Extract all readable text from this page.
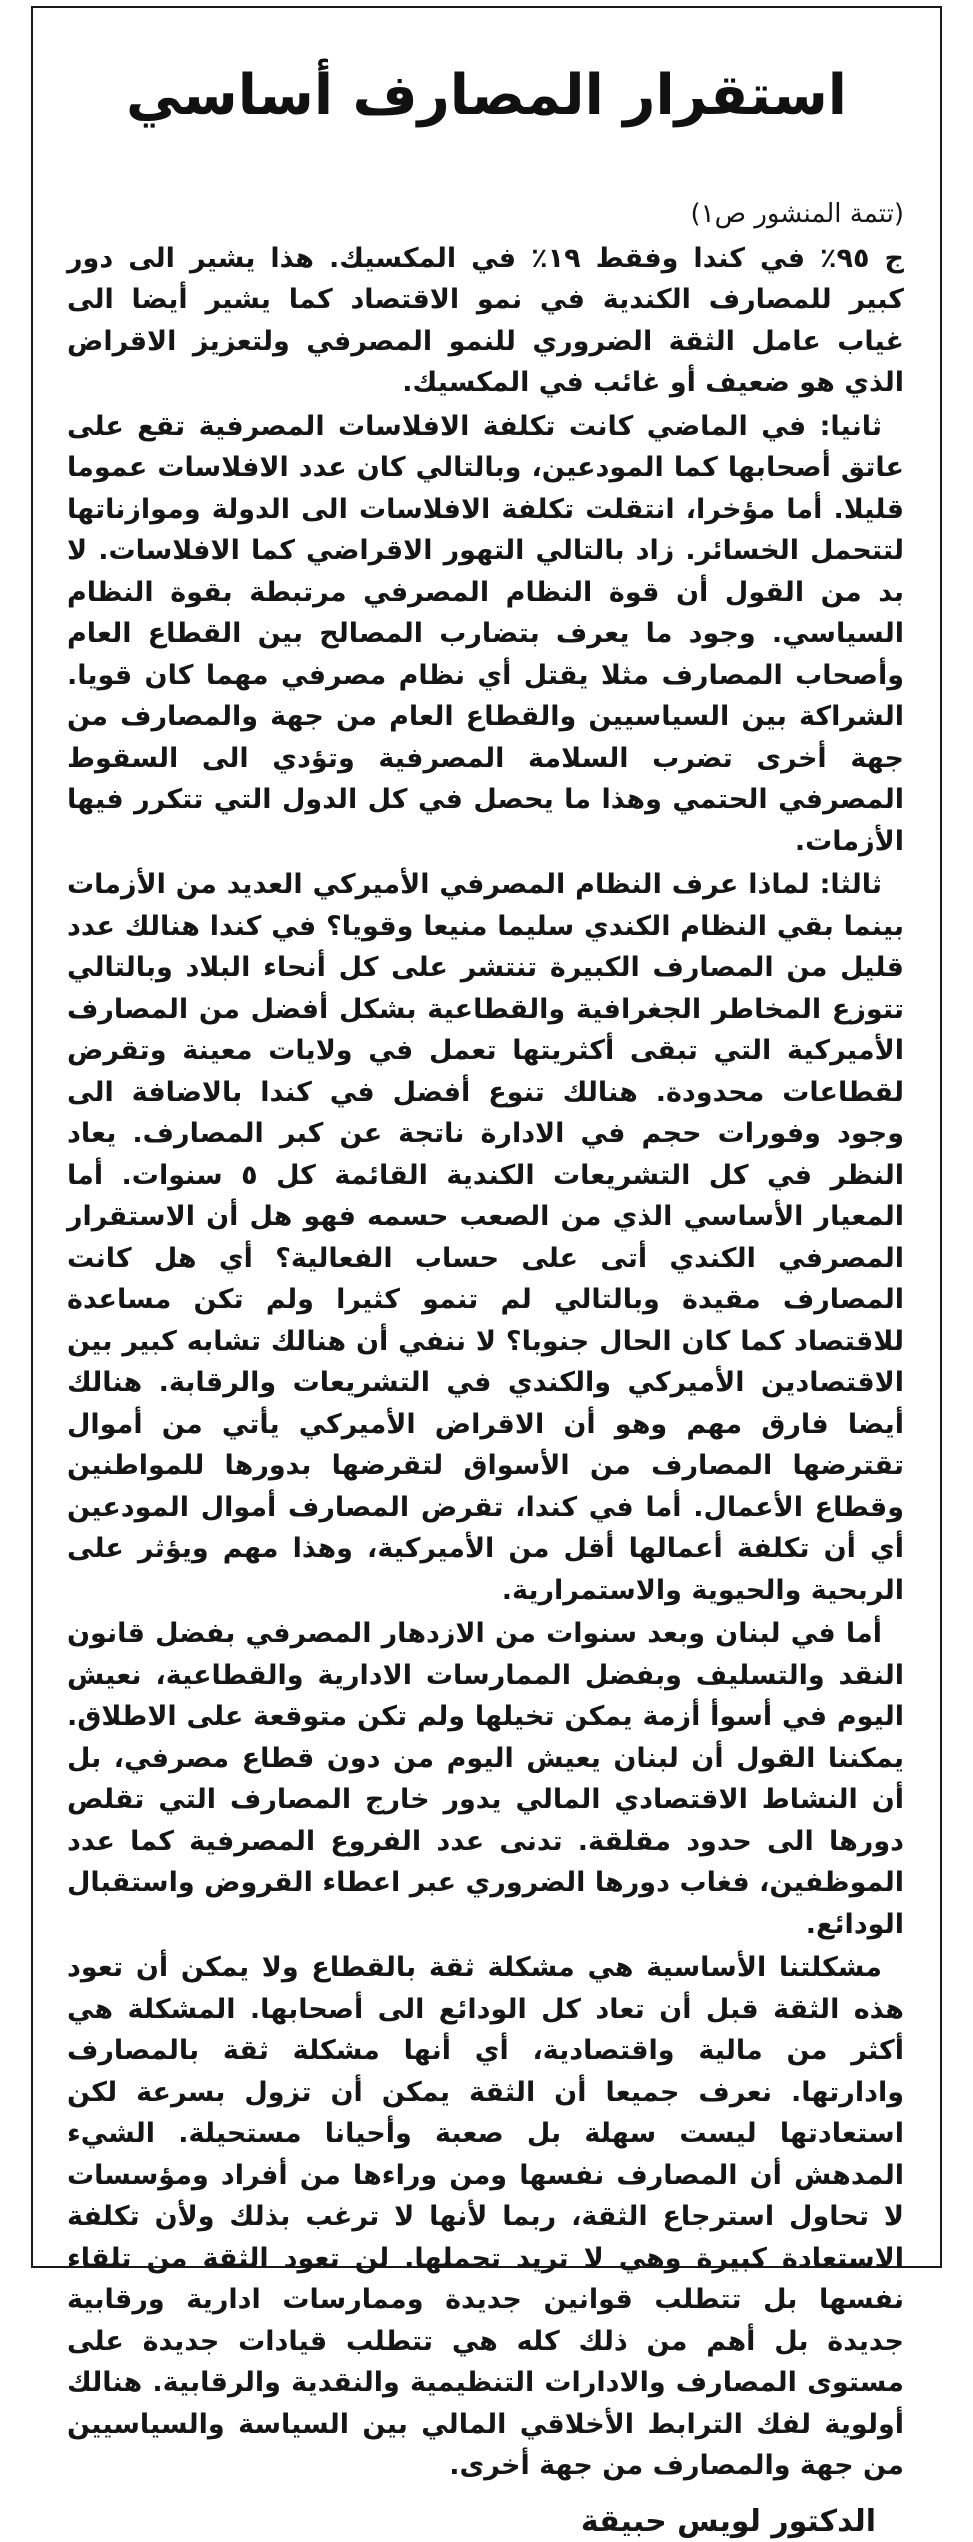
استقرار المصارف أساسي

(تتمة المنشور ص١)

ج ٩٥٪ في كندا وفقط ١٩٪ في المكسيك. هذا يشير الى دور كبير للمصارف الكندية في نمو الاقتصاد كما يشير أيضا الى غياب عامل الثقة الضروري للنمو المصرفي ولتعزيز الاقراض الذي هو ضعيف أو غائب في المكسيك.

ثانيا: في الماضي كانت تكلفة الافلاسات المصرفية تقع على عاتق أصحابها كما المودعين، وبالتالي كان عدد الافلاسات عموما قليلا. أما مؤخرا، انتقلت تكلفة الافلاسات الى الدولة وموازناتها لتتحمل الخسائر. زاد بالتالي التهور الاقراضي كما الافلاسات. لا بد من القول أن قوة النظام المصرفي مرتبطة بقوة النظام السياسي. وجود ما يعرف بتضارب المصالح بين القطاع العام وأصحاب المصارف مثلا يقتل أي نظام مصرفي مهما كان قويا. الشراكة بين السياسيين والقطاع العام من جهة والمصارف من جهة أخرى تضرب السلامة المصرفية وتؤدي الى السقوط المصرفي الحتمي وهذا ما يحصل في كل الدول التي تتكرر فيها الأزمات.

ثالثا: لماذا عرف النظام المصرفي الأميركي العديد من الأزمات بينما بقي النظام الكندي سليما منيعا وقويا؟ في كندا هنالك عدد قليل من المصارف الكبيرة تنتشر على كل أنحاء البلاد وبالتالي تتوزع المخاطر الجغرافية والقطاعية بشكل أفضل من المصارف الأميركية التي تبقى أكثريتها تعمل في ولايات معينة وتقرض لقطاعات محدودة. هنالك تنوع أفضل في كندا بالاضافة الى وجود وفورات حجم في الادارة ناتجة عن كبر المصارف. يعاد النظر في كل التشريعات الكندية القائمة كل ٥ سنوات. أما المعيار الأساسي الذي من الصعب حسمه فهو هل أن الاستقرار المصرفي الكندي أتى على حساب الفعالية؟ أي هل كانت المصارف مقيدة وبالتالي لم تنمو كثيرا ولم تكن مساعدة للاقتصاد كما كان الحال جنوبا؟ لا ننفي أن هنالك تشابه كبير بين الاقتصادين الأميركي والكندي في التشريعات والرقابة. هنالك أيضا فارق مهم وهو أن الاقراض الأميركي يأتي من أموال تقترضها المصارف من الأسواق لتقرضها بدورها للمواطنين وقطاع الأعمال. أما في كندا، تقرض المصارف أموال المودعين أي أن تكلفة أعمالها أقل من الأميركية، وهذا مهم ويؤثر على الربحية والحيوية والاستمرارية.

أما في لبنان وبعد سنوات من الازدهار المصرفي بفضل قانون النقد والتسليف وبفضل الممارسات الادارية والقطاعية، نعيش اليوم في أسوأ أزمة يمكن تخيلها ولم تكن متوقعة على الاطلاق. يمكننا القول أن لبنان يعيش اليوم من دون قطاع مصرفي، بل أن النشاط الاقتصادي المالي يدور خارج المصارف التي تقلص دورها الى حدود مقلقة. تدنى عدد الفروع المصرفية كما عدد الموظفين، فغاب دورها الضروري عبر اعطاء القروض واستقبال الودائع.

مشكلتنا الأساسية هي مشكلة ثقة بالقطاع ولا يمكن أن تعود هذه الثقة قبل أن تعاد كل الودائع الى أصحابها. المشكلة هي أكثر من مالية واقتصادية، أي أنها مشكلة ثقة بالمصارف وادارتها. نعرف جميعا أن الثقة يمكن أن تزول بسرعة لكن استعادتها ليست سهلة بل صعبة وأحيانا مستحيلة. الشيء المدهش أن المصارف نفسها ومن وراءها من أفراد ومؤسسات لا تحاول استرجاع الثقة، ربما لأنها لا ترغب بذلك ولأن تكلفة الاستعادة كبيرة وهي لا تريد تحملها. لن تعود الثقة من تلقاء نفسها بل تتطلب قوانين جديدة وممارسات ادارية ورقابية جديدة بل أهم من ذلك كله هي تتطلب قيادات جديدة على مستوى المصارف والادارات التنظيمية والنقدية والرقابية. هنالك أولوية لفك الترابط الأخلاقي المالي بين السياسة والسياسيين من جهة والمصارف من جهة أخرى.

الدكتور لويس حبيقة
